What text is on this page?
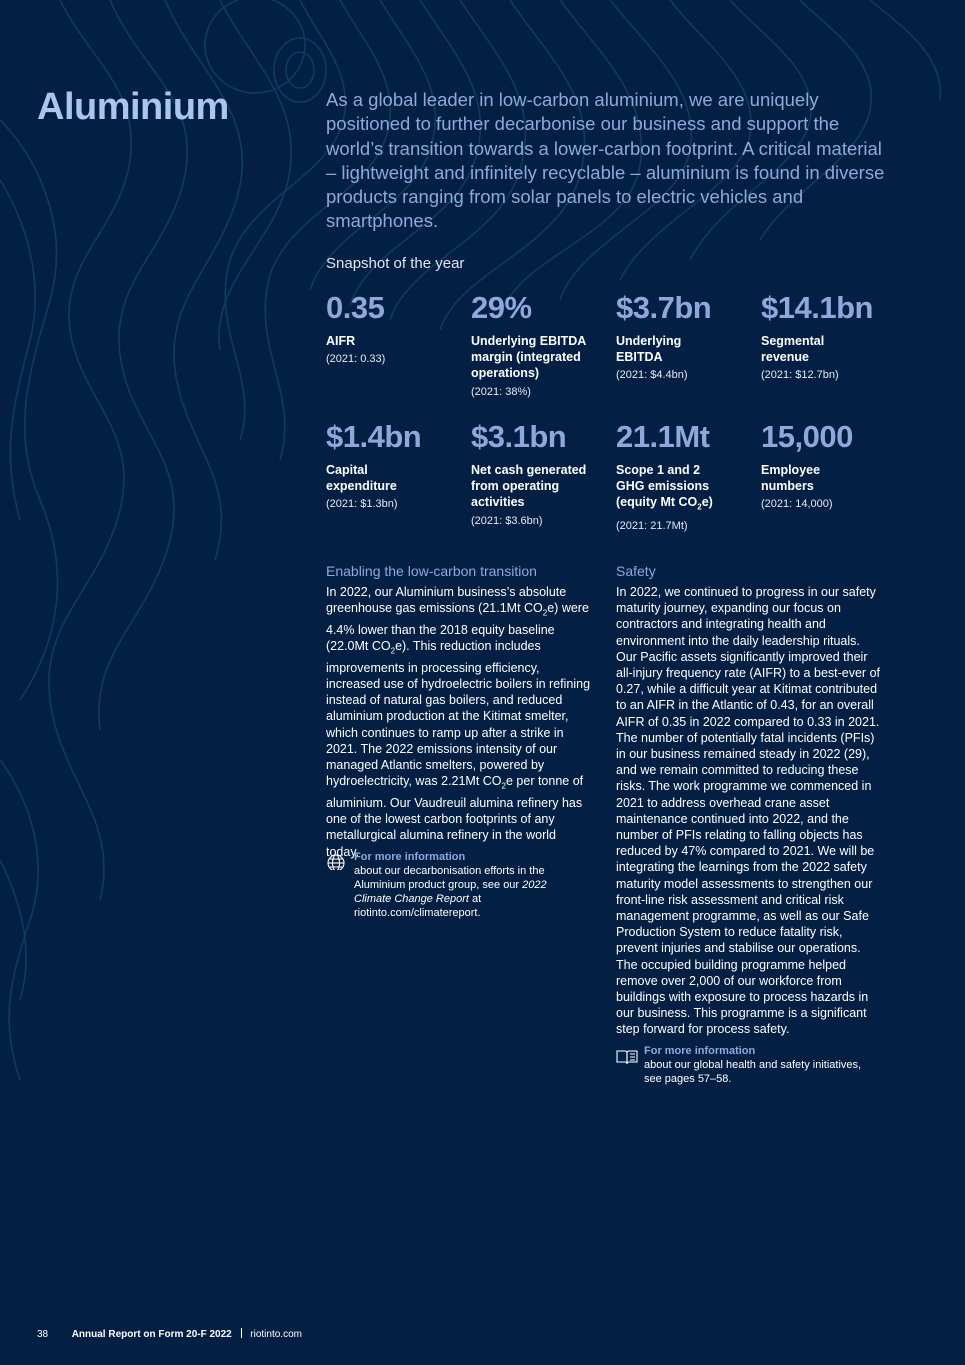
Aluminium	As a global leader in low-carbon aluminium, we are uniquely positioned to further decarbonise our business and support the world’s transition towards a lower-carbon footprint. A critical material – lightweight and infinitely recyclable – aluminium is found in diverse products ranging from solar panels to electric vehicles and smartphones.

Snapshot of the year
0.35
AIFR
(2021: 0.33)
29%
Underlying EBITDA margin (integrated operations)
(2021: 38%)
$3.7bn
Underlying EBITDA
(2021: $4.4bn)
$14.1bn
Segmental revenue
(2021: $12.7bn)
$1.4bn
Capital expenditure
(2021: $1.3bn)
$3.1bn
Net cash generated from operating activities
(2021: $3.6bn)
21.1Mt
Scope 1 and 2 GHG emissions (equity Mt $CO_2e$)
(2021: 21.7Mt)
15,000
Employee numbers
(2021: 14,000)
Enabling the low-carbon transition

In 2022, our Aluminium business’s absolute greenhouse gas emissions (21.1Mt $CO_2e$) were 4.4% lower than the 2018 equity baseline (22.0Mt $CO_2e$). This reduction includes improvements in processing efficiency, increased use of hydroelectric boilers in refining instead of natural gas boilers, and reduced aluminium production at the Kitimat smelter, which continues to ramp up after a strike in 2021. The 2022 emissions intensity of our managed Atlantic smelters, powered by hydroelectricity, was 2.21Mt $CO_2e$ per tonne of aluminium. Our Vaudreuil alumina refinery has one of the lowest carbon footprints of any metallurgical alumina refinery in the world today.

For more information
about our decarbonisation efforts in the Aluminium product group, see our 2022 Climate Change Report at riotinto.com/climatereport.
Safety

In 2022, we continued to progress in our safety maturity journey, expanding our focus on contractors and integrating health and environment into the daily leadership rituals. Our Pacific assets significantly improved their all-injury frequency rate (AIFR) to a best-ever of 0.27, while a difficult year at Kitimat contributed to an AIFR in the Atlantic of 0.43, for an overall AIFR of 0.35 in 2022 compared to 0.33 in 2021. The number of potentially fatal incidents (PFIs) in our business remained steady in 2022 (29), and we remain committed to reducing these risks. The work programme we commenced in 2021 to address overhead crane asset maintenance continued into 2022, and the number of PFIs relating to falling objects has reduced by 47% compared to 2021. We will be integrating the learnings from the 2022 safety maturity model assessments to strengthen our front-line risk assessment and critical risk management programme, as well as our Safe Production System to reduce fatality risk, prevent injuries and stabilise our operations. The occupied building programme helped remove over 2,000 of our workforce from buildings with exposure to process hazards in our business. This programme is a significant step forward for process safety.

For more information
about our global health and safety initiatives, see pages 57–58.
38 Annual Report on Form 20-F 2022 riotinto.com
